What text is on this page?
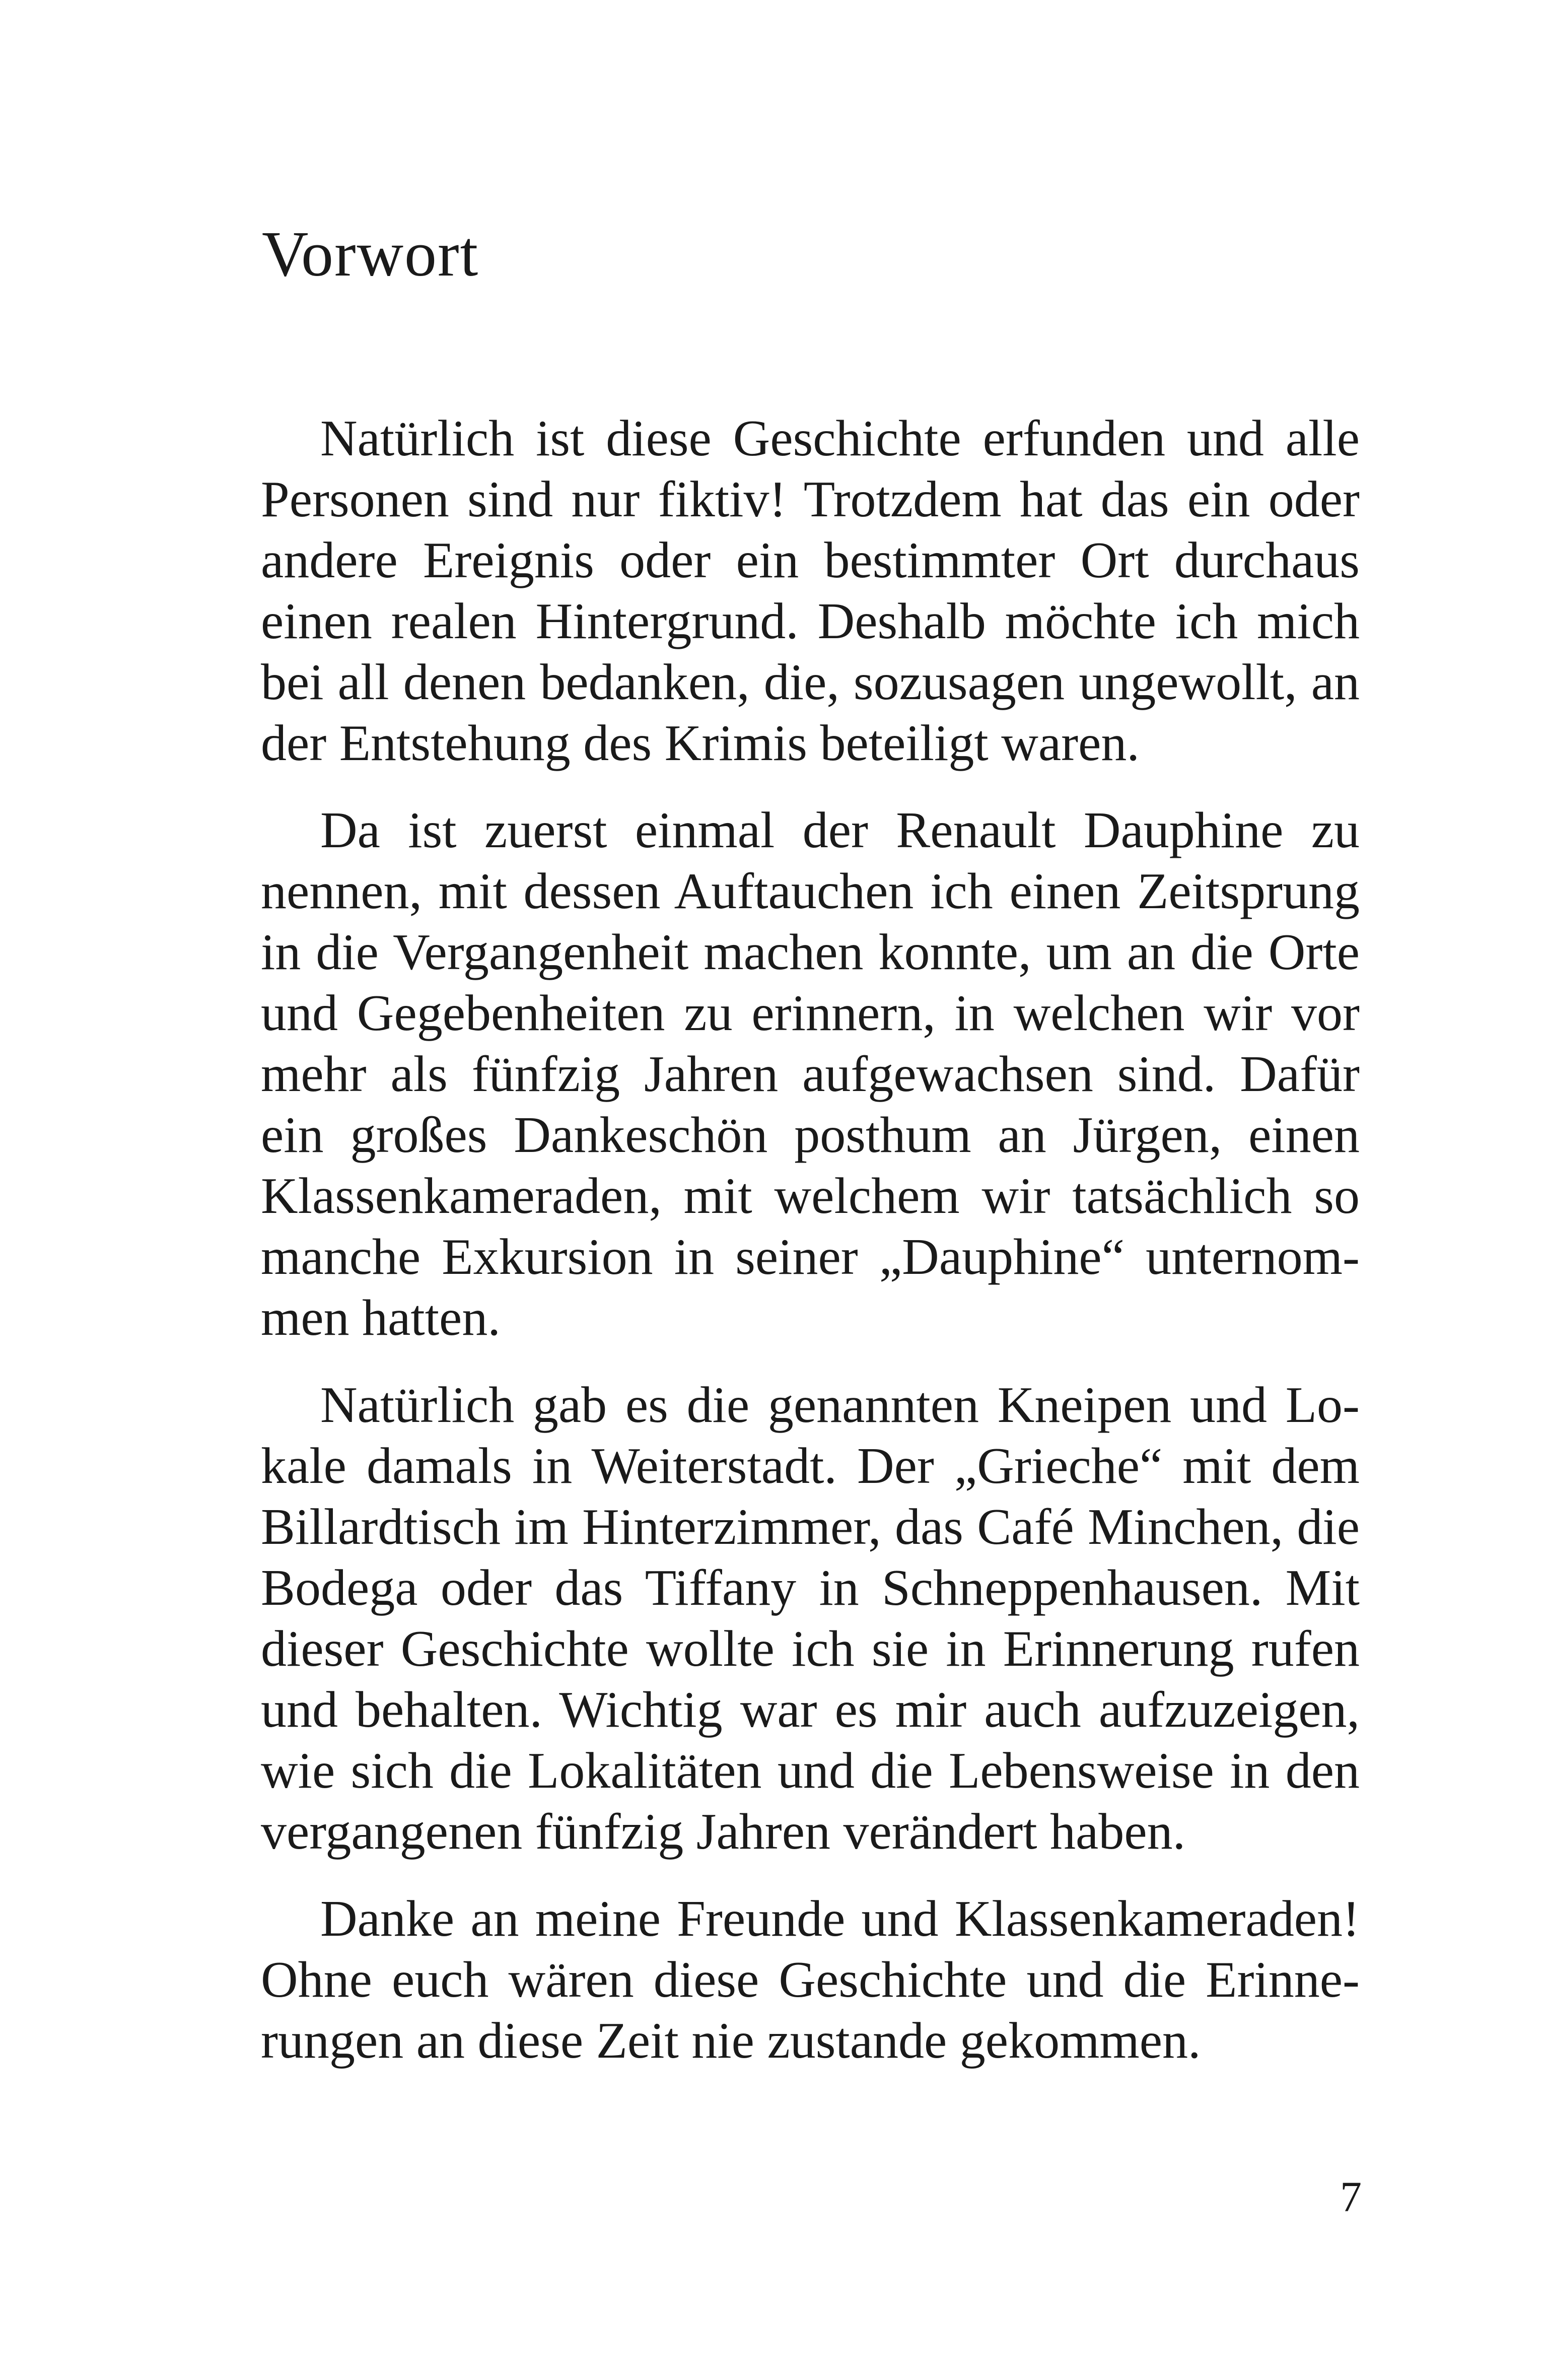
Vorwort
Natürlich ist diese Geschichte erfunden und alle
Personen sind nur fiktiv! Trotzdem hat das ein oder
andere Ereignis oder ein bestimmter Ort durchaus
einen realen Hintergrund. Deshalb möchte ich mich
bei all denen bedanken, die, sozusagen ungewollt, an
der Entstehung des Krimis beteiligt waren.
Da ist zuerst einmal der Renault Dauphine zu
nennen, mit dessen Auftauchen ich einen Zeitsprung
in die Vergangenheit machen konnte, um an die Orte
und Gegebenheiten zu erinnern, in welchen wir vor
mehr als fünfzig Jahren aufgewachsen sind. Dafür
ein großes Dankeschön posthum an Jürgen, einen
Klassenkameraden, mit welchem wir tatsächlich so
manche Exkursion in seiner „Dauphine“ unternom-
men hatten.
Natürlich gab es die genannten Kneipen und Lo-
kale damals in Weiterstadt. Der „Grieche“ mit dem
Billardtisch im Hinterzimmer, das Café Minchen, die
Bodega oder das Tiffany in Schneppenhausen. Mit
dieser Geschichte wollte ich sie in Erinnerung rufen
und behalten. Wichtig war es mir auch aufzuzeigen,
wie sich die Lokalitäten und die Lebensweise in den
vergangenen fünfzig Jahren verändert haben.
Danke an meine Freunde und Klassenkameraden!
Ohne euch wären diese Geschichte und die Erinne-
rungen an diese Zeit nie zustande gekommen.
7
